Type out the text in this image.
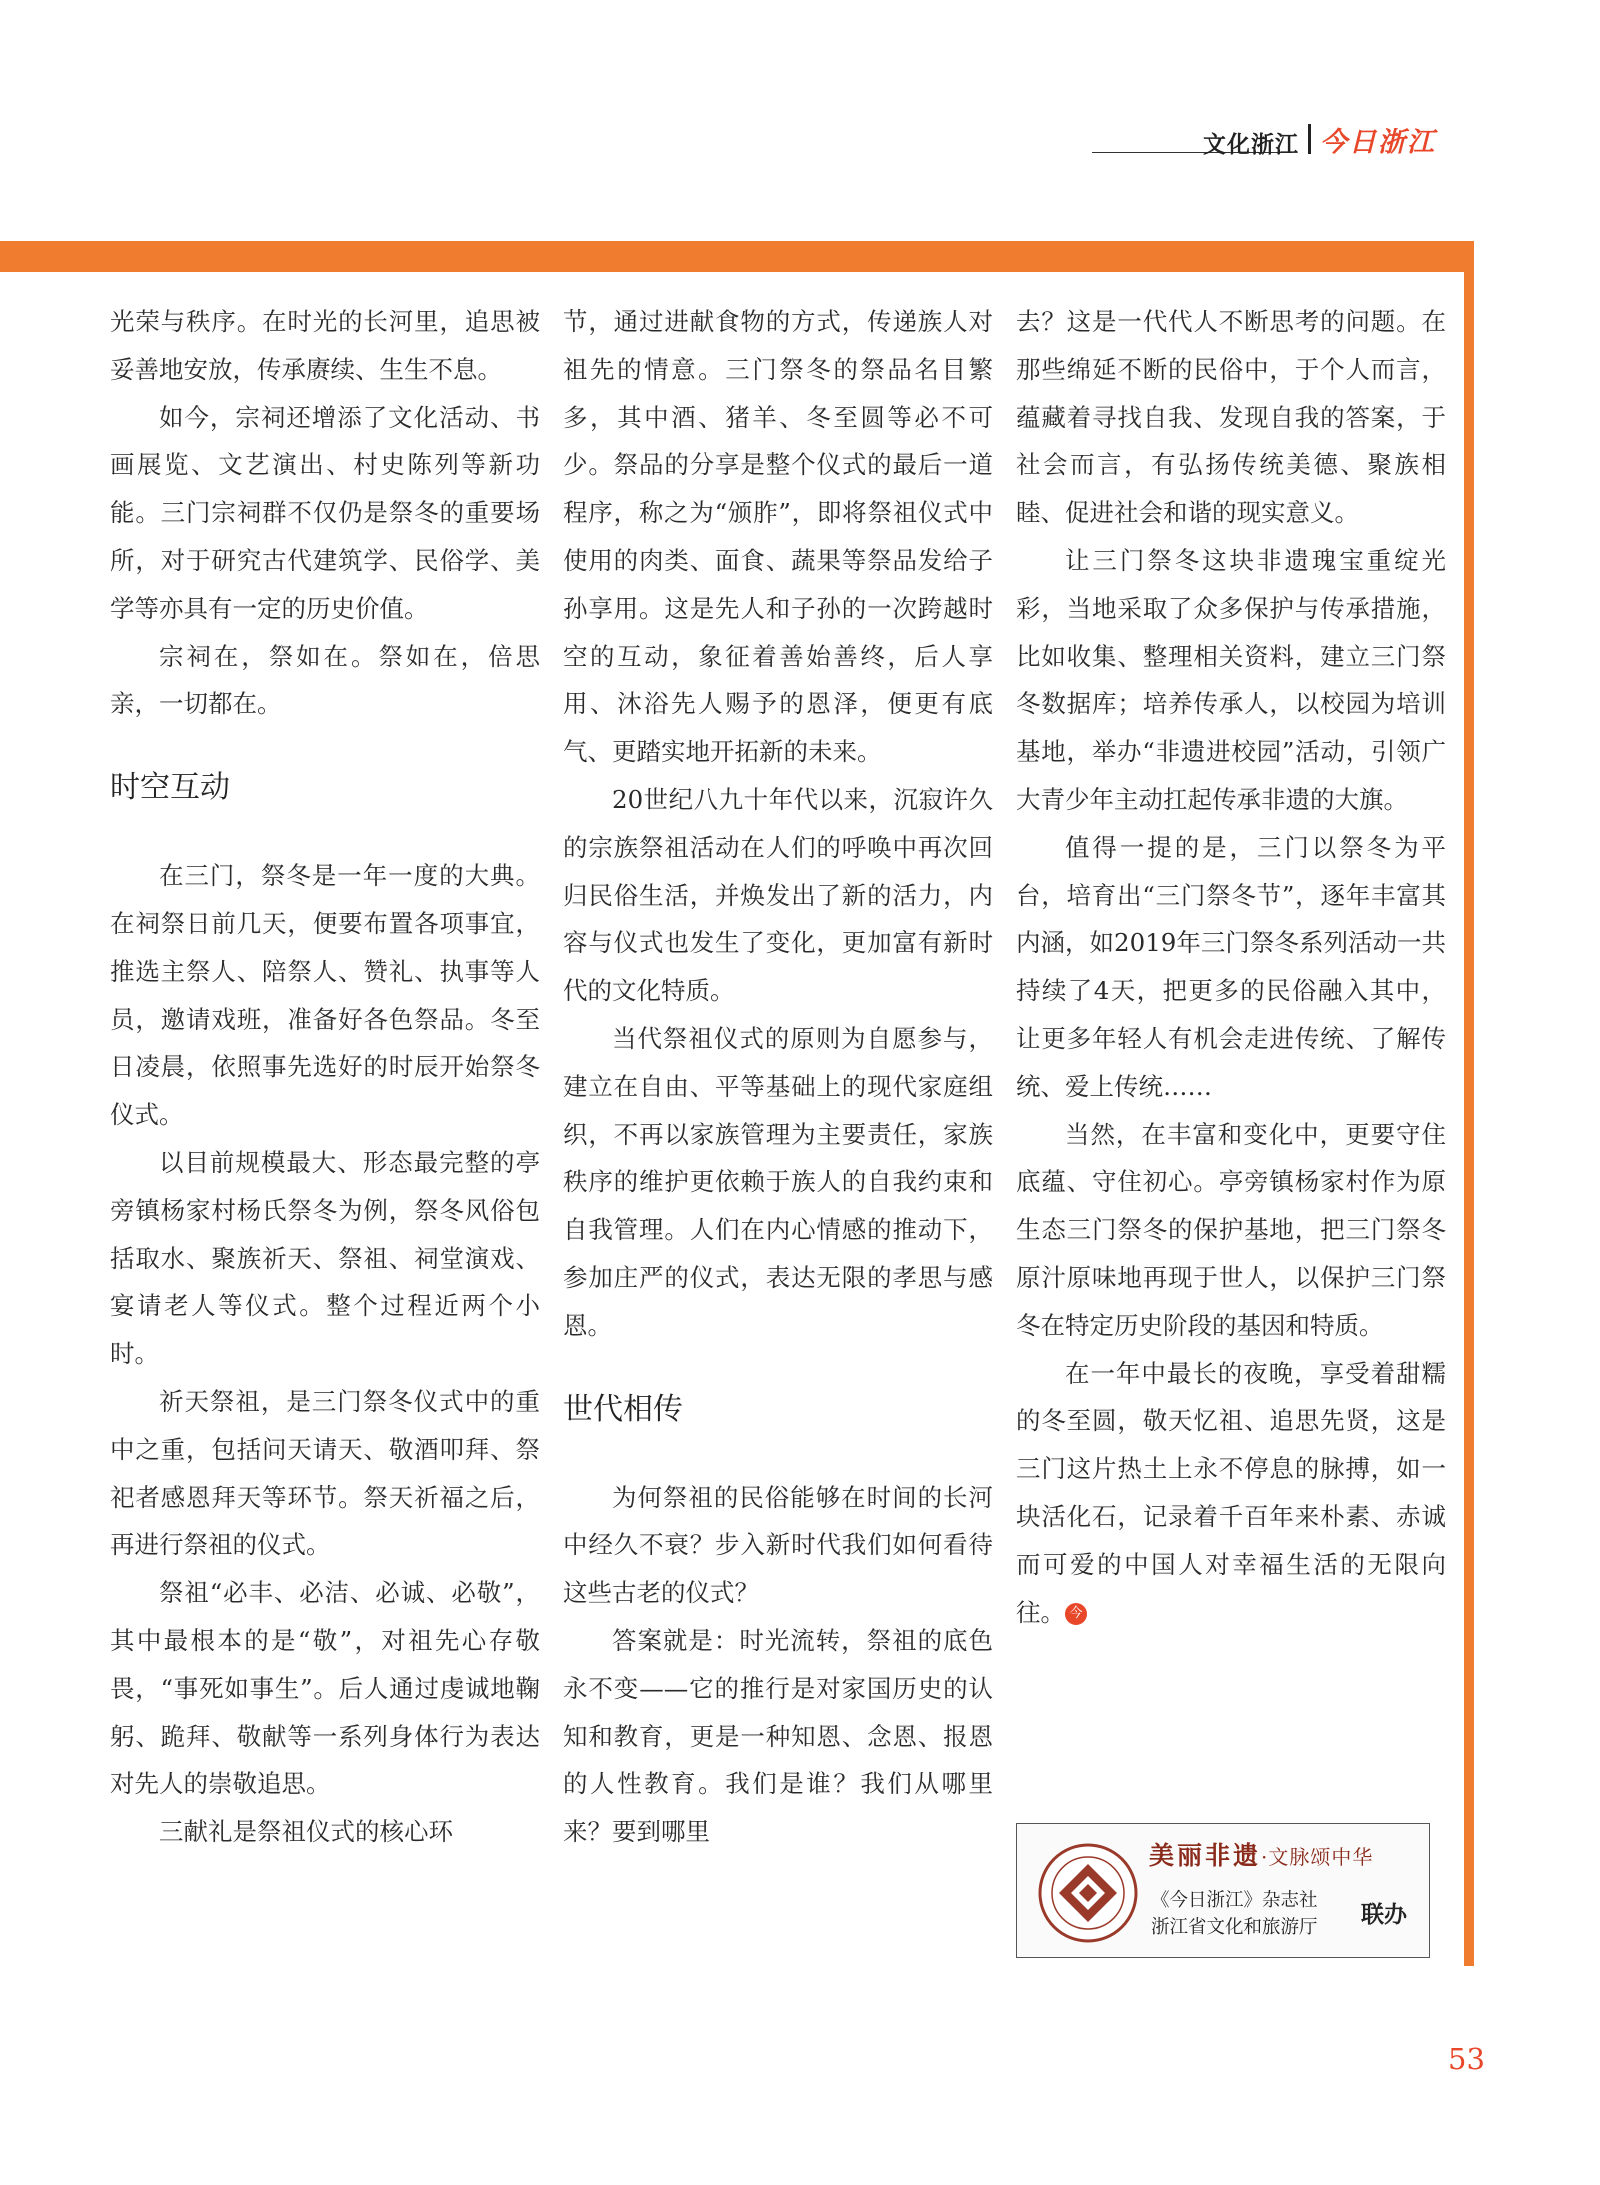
文化浙江 今日浙江

光荣与秩序。在时光的长河里，追思被妥善地安放，传承赓续、生生不息。

如今，宗祠还增添了文化活动、书画展览、文艺演出、村史陈列等新功能。三门宗祠群不仅仍是祭冬的重要场所，对于研究古代建筑学、民俗学、美学等亦具有一定的历史价值。

宗祠在，祭如在。祭如在，倍思亲，一切都在。

时空互动

在三门，祭冬是一年一度的大典。在祠祭日前几天，便要布置各项事宜，推选主祭人、陪祭人、赞礼、执事等人员，邀请戏班，准备好各色祭品。冬至日凌晨，依照事先选好的时辰开始祭冬仪式。

以目前规模最大、形态最完整的亭旁镇杨家村杨氏祭冬为例，祭冬风俗包括取水、聚族祈天、祭祖、祠堂演戏、宴请老人等仪式。整个过程近两个小时。

祈天祭祖，是三门祭冬仪式中的重中之重，包括问天请天、敬酒叩拜、祭祀者感恩拜天等环节。祭天祈福之后，再进行祭祖的仪式。

祭祖“必丰、必洁、必诚、必敬”，其中最根本的是“敬”，对祖先心存敬畏，“事死如事生”。后人通过虔诚地鞠躬、跪拜、敬献等一系列身体行为表达对先人的崇敬追思。

三献礼是祭祖仪式的核心环

节，通过进献食物的方式，传递族人对祖先的情意。三门祭冬的祭品名目繁多，其中酒、猪羊、冬至圆等必不可少。祭品的分享是整个仪式的最后一道程序，称之为“颁胙”，即将祭祖仪式中使用的肉类、面食、蔬果等祭品发给子孙享用。这是先人和子孙的一次跨越时空的互动，象征着善始善终，后人享用、沐浴先人赐予的恩泽，便更有底气、更踏实地开拓新的未来。

20世纪八九十年代以来，沉寂许久的宗族祭祖活动在人们的呼唤中再次回归民俗生活，并焕发出了新的活力，内容与仪式也发生了变化，更加富有新时代的文化特质。

当代祭祖仪式的原则为自愿参与，建立在自由、平等基础上的现代家庭组织，不再以家族管理为主要责任，家族秩序的维护更依赖于族人的自我约束和自我管理。人们在内心情感的推动下，参加庄严的仪式，表达无限的孝思与感恩。

世代相传

为何祭祖的民俗能够在时间的长河中经久不衰？步入新时代我们如何看待这些古老的仪式？

答案就是：时光流转，祭祖的底色永不变——它的推行是对家国历史的认知和教育，更是一种知恩、念恩、报恩的人性教育。我们是谁？我们从哪里来？要到哪里

去？这是一代代人不断思考的问题。在那些绵延不断的民俗中，于个人而言，蕴藏着寻找自我、发现自我的答案，于社会而言，有弘扬传统美德、聚族相睦、促进社会和谐的现实意义。

让三门祭冬这块非遗瑰宝重绽光彩，当地采取了众多保护与传承措施，比如收集、整理相关资料，建立三门祭冬数据库；培养传承人，以校园为培训基地，举办“非遗进校园”活动，引领广大青少年主动扛起传承非遗的大旗。

值得一提的是，三门以祭冬为平台，培育出“三门祭冬节”，逐年丰富其内涵，如2019年三门祭冬系列活动一共持续了4天，把更多的民俗融入其中，让更多年轻人有机会走进传统、了解传统、爱上传统……

当然，在丰富和变化中，更要守住底蕴、守住初心。亭旁镇杨家村作为原生态三门祭冬的保护基地，把三门祭冬原汁原味地再现于世人，以保护三门祭冬在特定历史阶段的基因和特质。

在一年中最长的夜晚，享受着甜糯的冬至圆，敬天忆祖、追思先贤，这是三门这片热土上永不停息的脉搏，如一块活化石，记录着千百年来朴素、赤诚而可爱的中国人对幸福生活的无限向往。 今

美丽非遗·文脉颂中华
《今日浙江》杂志社
浙江省文化和旅游厅 联办
53
